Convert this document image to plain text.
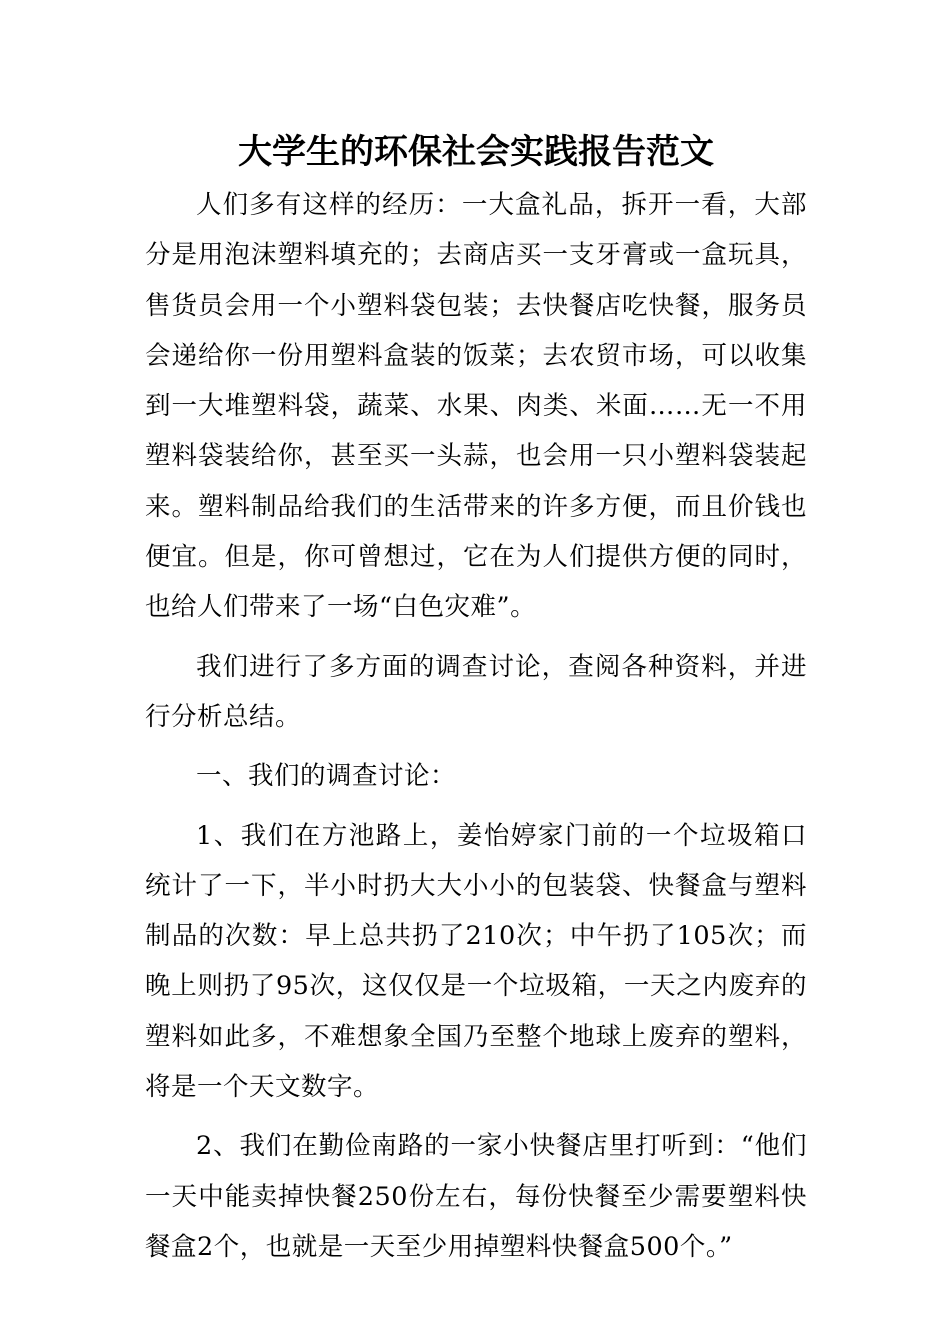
大学生的环保社会实践报告范文

人们多有这样的经历：一大盒礼品，拆开一看，大部分是用泡沫塑料填充的；去商店买一支牙膏或一盒玩具，售货员会用一个小塑料袋包装；去快餐店吃快餐，服务员会递给你一份用塑料盒装的饭菜；去农贸市场，可以收集到一大堆塑料袋，蔬菜、水果、肉类、米面……无一不用塑料袋装给你，甚至买一头蒜，也会用一只小塑料袋装起来。塑料制品给我们的生活带来的许多方便，而且价钱也便宜。但是，你可曾想过，它在为人们提供方便的同时，也给人们带来了一场“白色灾难”。

我们进行了多方面的调查讨论，查阅各种资料，并进行分析总结。

一、我们的调查讨论：

1、我们在方池路上，姜怡婷家门前的一个垃圾箱口统计了一下，半小时扔大大小小的包装袋、快餐盒与塑料制品的次数：早上总共扔了210次；中午扔了105次；而晚上则扔了95次，这仅仅是一个垃圾箱，一天之内废弃的塑料如此多，不难想象全国乃至整个地球上废弃的塑料，将是一个天文数字。

2、我们在勤俭南路的一家小快餐店里打听到：“他们一天中能卖掉快餐250份左右，每份快餐至少需要塑料快餐盒2个，也就是一天至少用掉塑料快餐盒500个。”
